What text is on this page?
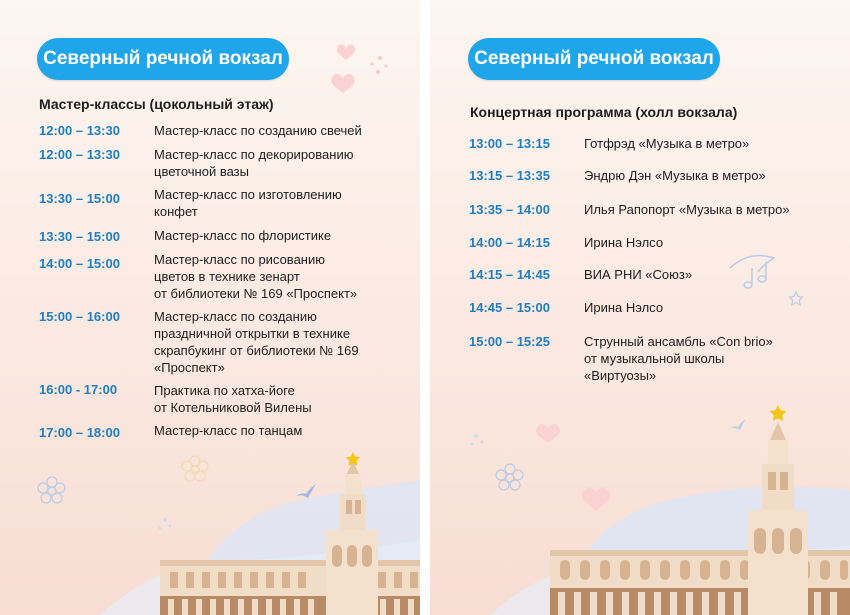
Северный речной вокзал
Мастер-классы (цокольный этаж)
12:00 – 13:30	Мастер-класс по созданию свечей
12:00 – 13:30	Мастер-класс по декорированию
цветочной вазы
13:30 – 15:00	Мастер-класс по изготовлению
конфет
13:30 – 15:00	Мастер-класс по флористике
14:00 – 15:00	Мастер-класс по рисованию
цветов в технике зенарт
от библиотеки № 169 «Проспект»
15:00 – 16:00	Мастер-класс по созданию
праздничной открытки в технике
скрапбукинг от библиотеки № 169
«Проспект»
16:00 - 17:00	Практика по хатха-йоге
от Котельниковой Вилены
17:00 – 18:00	Мастер-класс по танцам
Северный речной вокзал
Концертная программа (холл вокзала)
13:00 – 13:15	Готфрэд «Музыка в метро»
13:15 – 13:35	Эндрю Дэн «Музыка в метро»
13:35 – 14:00	Илья Рапопорт «Музыка в метро»
14:00 – 14:15	Ирина Нэлсо
14:15 – 14:45	ВИА РНИ «Союз»
14:45 – 15:00	Ирина Нэлсо
15:00 – 15:25	Струнный ансамбль «Con brio»
от музыкальной школы
«Виртуозы»
